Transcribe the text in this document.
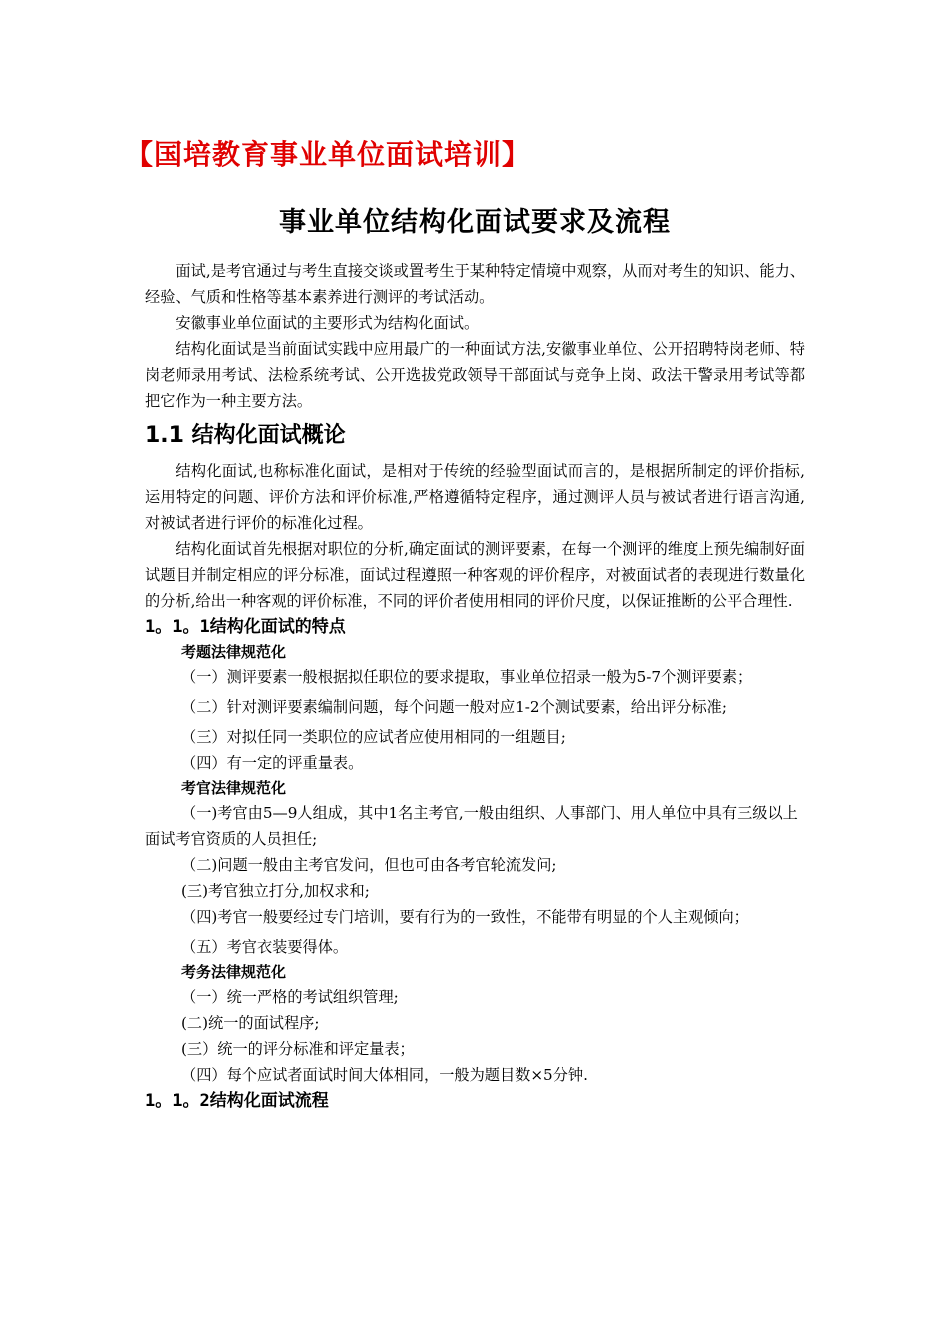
【国培教育事业单位面试培训】
事业单位结构化面试要求及流程

面试,是考官通过与考生直接交谈或置考生于某种特定情境中观察，从而对考生的知识、能力、经验、气质和性格等基本素养进行测评的考试活动。

安徽事业单位面试的主要形式为结构化面试。

结构化面试是当前面试实践中应用最广的一种面试方法,安徽事业单位、公开招聘特岗老师、特岗老师录用考试、法检系统考试、公开选拔党政领导干部面试与竞争上岗、政法干警录用考试等都把它作为一种主要方法。

1.1 结构化面试概论

结构化面试,也称标准化面试，是相对于传统的经验型面试而言的，是根据所制定的评价指标,运用特定的问题、评价方法和评价标准,严格遵循特定程序，通过测评人员与被试者进行语言沟通,对被试者进行评价的标准化过程。

结构化面试首先根据对职位的分析,确定面试的测评要素，在每一个测评的维度上预先编制好面试题目并制定相应的评分标准，面试过程遵照一种客观的评价程序，对被面试者的表现进行数量化的分析,给出一种客观的评价标准，不同的评价者使用相同的评价尺度，以保证推断的公平合理性.

1。1。1结构化面试的特点
考题法律规范化

（一）测评要素一般根据拟任职位的要求提取，事业单位招录一般为5-7个测评要素；

（二）针对测评要素编制问题，每个问题一般对应1-2个测试要素，给出评分标准;

（三）对拟任同一类职位的应试者应使用相同的一组题目;

（四）有一定的评重量表。

考官法律规范化

（一)考官由5—9人组成，其中1名主考官,一般由组织、人事部门、用人单位中具有三级以上面试考官资质的人员担任;

（二)问题一般由主考官发问，但也可由各考官轮流发问;

(三)考官独立打分,加权求和;

（四)考官一般要经过专门培训，要有行为的一致性，不能带有明显的个人主观倾向；

（五）考官衣装要得体。

考务法律规范化

（一）统一严格的考试组织管理;

(二)统一的面试程序;

(三）统一的评分标准和评定量表；

（四）每个应试者面试时间大体相同，一般为题目数×5分钟.

1。1。2结构化面试流程
